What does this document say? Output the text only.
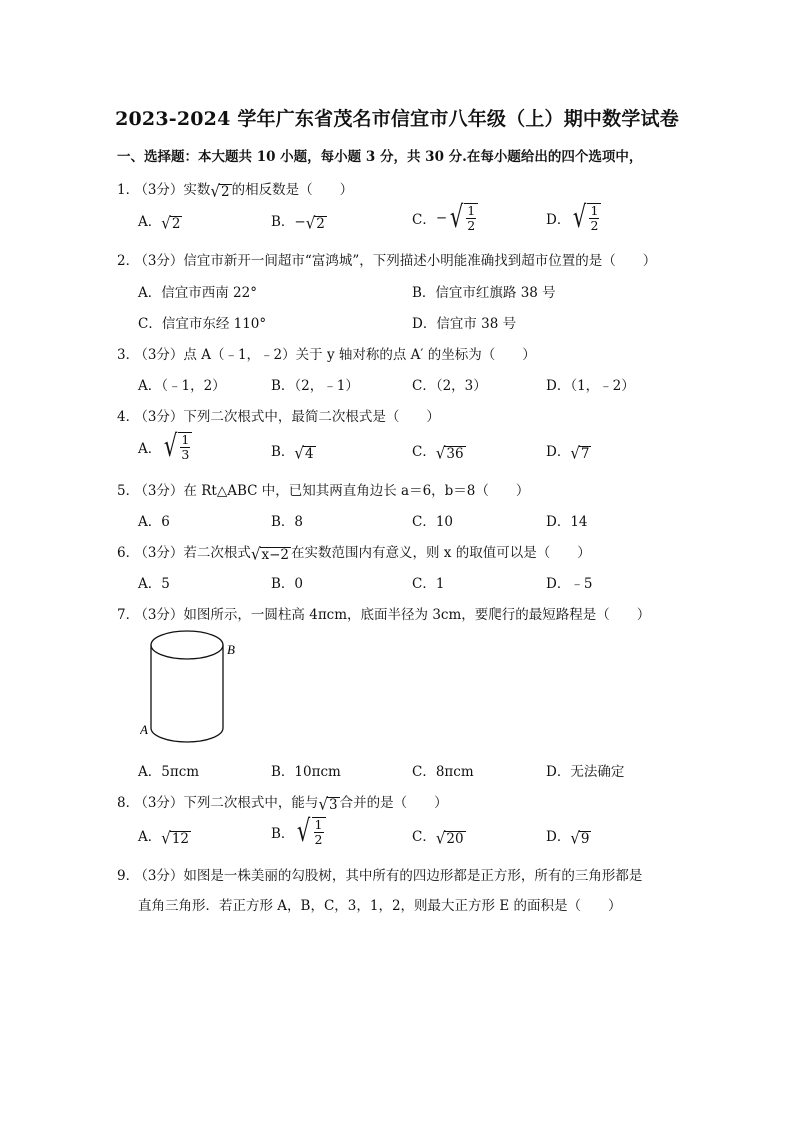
2023-2024 学年广东省茂名市信宜市八年级（上）期中数学试卷
一、选择题：本大题共 10 小题，每小题 3 分，共 30 分.在每小题给出的四个选项中，
1． （3分）实数√2 的相反数是（　　）
A．√2	B．−√2	C．−√ $\frac{1}{2}$	D．√ $\frac{1}{2}$
2． （3分）信宜市新开一间超市“富鸿城”，下列描述小明能准确找到超市位置的是（　　）
A．信宜市西南 22°	B．信宜市红旗路 38 号
C．信宜市东经 110°	D．信宜市 38 号
3． （3分）点 A（﹣1，﹣2）关于 y 轴对称的点 A′ 的坐标为（　　）
A．（﹣1，2）	B．（2，﹣1）	C．（2，3）	D．（1，﹣2）
4． （3分）下列二次根式中，最简二次根式是（　　）
A．√ $\frac{1}{3}$	B．√4	C．√36	D．√7
5． （3分）在 Rt△ABC 中，已知其两直角边长 a＝6，b＝8（　　）
A．6	B．8	C．10	D．14
6． （3分）若二次根式√x−2 在实数范围内有意义，则 x 的取值可以是（　　）
A．5	B．0	C．1	D．﹣5
7． （3分）如图所示，一圆柱高 4πcm，底面半径为 3cm，要爬行的最短路程是（　　）
B
A
A．5πcm	B．10πcm	C．8πcm	D．无法确定
8． （3分）下列二次根式中，能与√3 合并的是（　　）
A．√12	B．√ $\frac{1}{2}$	C．√20	D．√9
9． （3分）如图是一株美丽的勾股树，其中所有的四边形都是正方形，所有的三角形都是
直角三角形．若正方形 A，B，C，3，1，2，则最大正方形 E 的面积是（　　）
